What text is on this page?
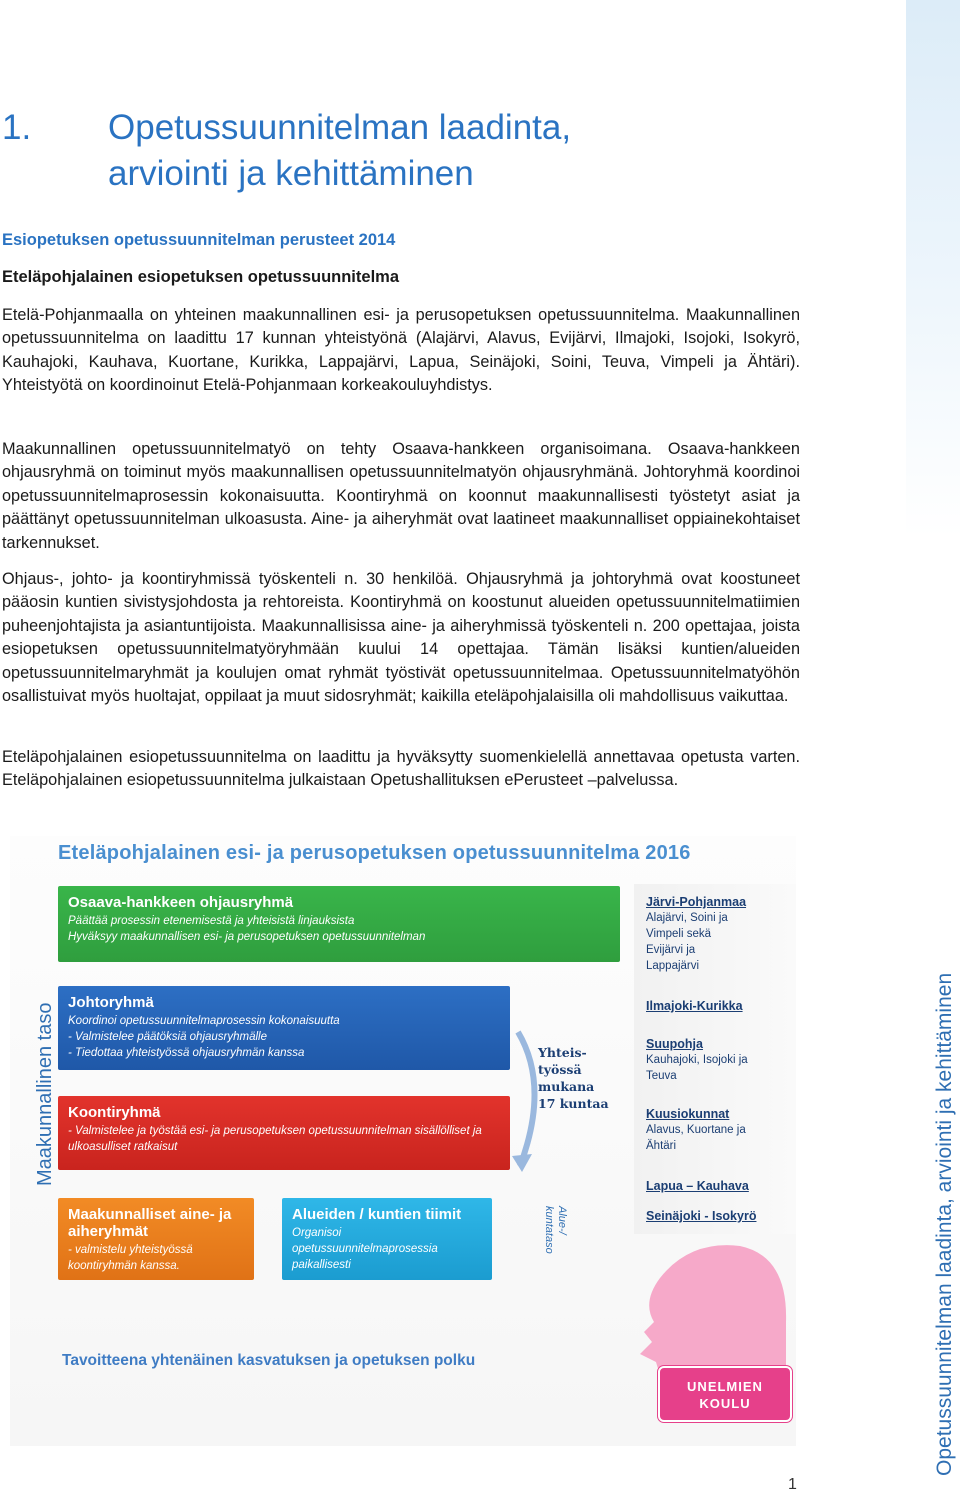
Opetussuunnitelman laadinta, arviointi ja kehittäminen
1. Opetussuunnitelman laadinta,
arviointi ja kehittäminen
Esiopetuksen opetussuunnitelman perusteet 2014
Eteläpohjalainen esiopetuksen opetussuunnitelma

Etelä-Pohjanmaalla on yhteinen maakunnallinen esi- ja perusopetuksen opetussuunnitelma. Maakunnallinen opetussuunnitelma on laadittu 17 kunnan yhteistyönä (Alajärvi, Alavus, Evijärvi, Ilmajoki, Isojoki, Isokyrö, Kauhajoki, Kauhava, Kuortane, Kurikka, Lappajärvi, Lapua, Seinäjoki, Soini, Teuva, Vimpeli ja Ähtäri). Yhteistyötä on koordinoinut Etelä-Pohjanmaan korkeakouluyhdistys.

Maakunnallinen opetussuunnitelmatyö on tehty Osaava-hankkeen organisoimana. Osaava-hankkeen ohjausryhmä on toiminut myös maakunnallisen opetussuunnitelmatyön ohjausryhmänä. Johtoryhmä koordinoi opetussuunnitelmaprosessin kokonaisuutta. Koontiryhmä on koonnut maakunnallisesti työstetyt asiat ja päättänyt opetussuunnitelman ulkoasusta. Aine- ja aiheryhmät ovat laatineet maakunnalliset oppiainekohtaiset tarkennukset.

Ohjaus-, johto- ja koontiryhmissä työskenteli n. 30 henkilöä. Ohjausryhmä ja johtoryhmä ovat koostuneet pääosin kuntien sivistysjohdosta ja rehtoreista. Koontiryhmä on koostunut alueiden opetussuunnitelmatiimien puheenjohtajista ja asiantuntijoista. Maakunnallisissa aine- ja aiheryhmissä työskenteli n. 200 opettajaa, joista esiopetuksen opetussuunnitelmatyöryhmään kuului 14 opettajaa. Tämän lisäksi kuntien/alueiden opetussuunnitelmaryhmät ja koulujen omat ryhmät työstivät opetussuunnitelmaa. Opetussuunnitelmatyöhön osallistuivat myös huoltajat, oppilaat ja muut sidosryhmät; kaikilla eteläpohjalaisilla oli mahdollisuus vaikuttaa.

Eteläpohjalainen esiopetussuunnitelma on laadittu ja hyväksytty suomenkielellä annettavaa opetusta varten. Eteläpohjalainen esiopetussuunnitelma julkaistaan Opetushallituksen ePerusteet –palvelussa.

Eteläpohjalainen esi- ja perusopetuksen opetussuunnitelma 2016
Maakunnallinen taso
Osaava-hankkeen ohjausryhmä
Päättää prosessin etenemisestä ja yhteisistä linjauksista
Hyväksyy maakunnallisen esi- ja perusopetuksen opetussuunnitelman
Johtoryhmä
Koordinoi opetussuunnitelmaprosessin kokonaisuutta
- Valmistelee päätöksiä ohjausryhmälle
- Tiedottaa yhteistyössä ohjausryhmän kanssa
Koontiryhmä
- Valmistelee ja työstää esi- ja perusopetuksen opetussuunnitelman sisällölliset ja ulkoasulliset ratkaisut
Maakunnalliset aine- ja aiheryhmät
- valmistelu yhteistyössä koontiryhmän kanssa.
Alueiden / kuntien tiimit
Organisoi
opetussuunnitelmaprosessia
paikallisesti
Yhteis-
työssä
mukana
17 kuntaa
Alue-/
kuntataso
Järvi-Pohjanmaa
Alajärvi, Soini ja
Vimpeli sekä
Evijärvi ja
Lappajärvi
Ilmajoki-Kurikka
Suupohja
Kauhajoki, Isojoki ja
Teuva
Kuusiokunnat
Alavus, Kuortane ja
Ähtäri
Lapua – Kauhava
Seinäjoki - Isokyrö
UNELMIEN
KOULU
Tavoitteena yhtenäinen kasvatuksen ja opetuksen polku
1
